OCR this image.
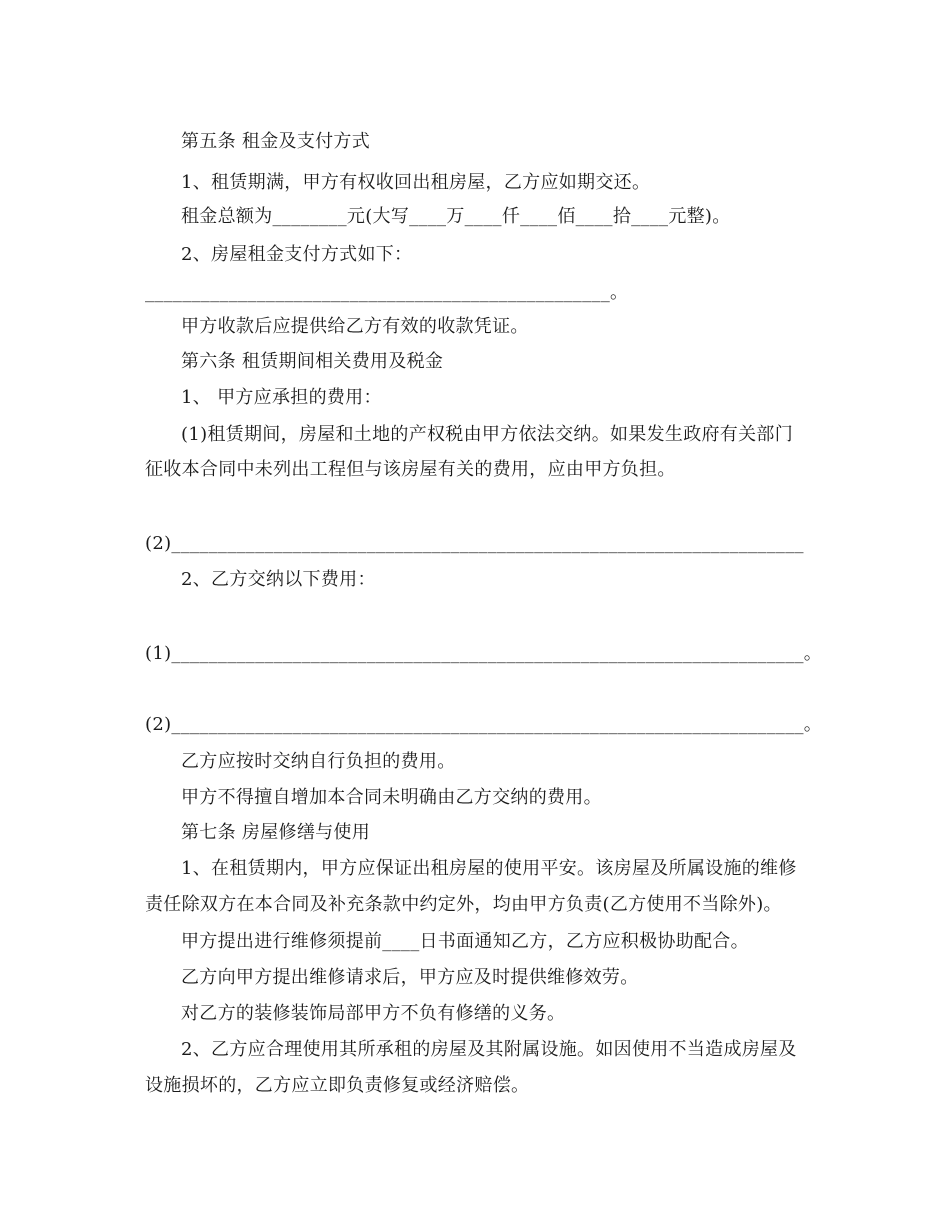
第五条 租金及支付方式
1、租赁期满，甲方有权收回出租房屋，乙方应如期交还。
租金总额为________元(大写____万____仟____佰____拾____元整)。
2、房屋租金支付方式如下：
__________________________________________________。
甲方收款后应提供给乙方有效的收款凭证。
第六条 租赁期间相关费用及税金
1、 甲方应承担的费用：
(1)租赁期间，房屋和土地的产权税由甲方依法交纳。如果发生政府有关部门
征收本合同中未列出工程但与该房屋有关的费用，应由甲方负担。
(2)____________________________________________________________________
2、乙方交纳以下费用：
(1)____________________________________________________________________。
(2)____________________________________________________________________。
乙方应按时交纳自行负担的费用。
甲方不得擅自增加本合同未明确由乙方交纳的费用。
第七条 房屋修缮与使用
1、在租赁期内，甲方应保证出租房屋的使用平安。该房屋及所属设施的维修
责任除双方在本合同及补充条款中约定外，均由甲方负责(乙方使用不当除外)。
甲方提出进行维修须提前____日书面通知乙方，乙方应积极协助配合。
乙方向甲方提出维修请求后，甲方应及时提供维修效劳。
对乙方的装修装饰局部甲方不负有修缮的义务。
2、乙方应合理使用其所承租的房屋及其附属设施。如因使用不当造成房屋及
设施损坏的，乙方应立即负责修复或经济赔偿。
